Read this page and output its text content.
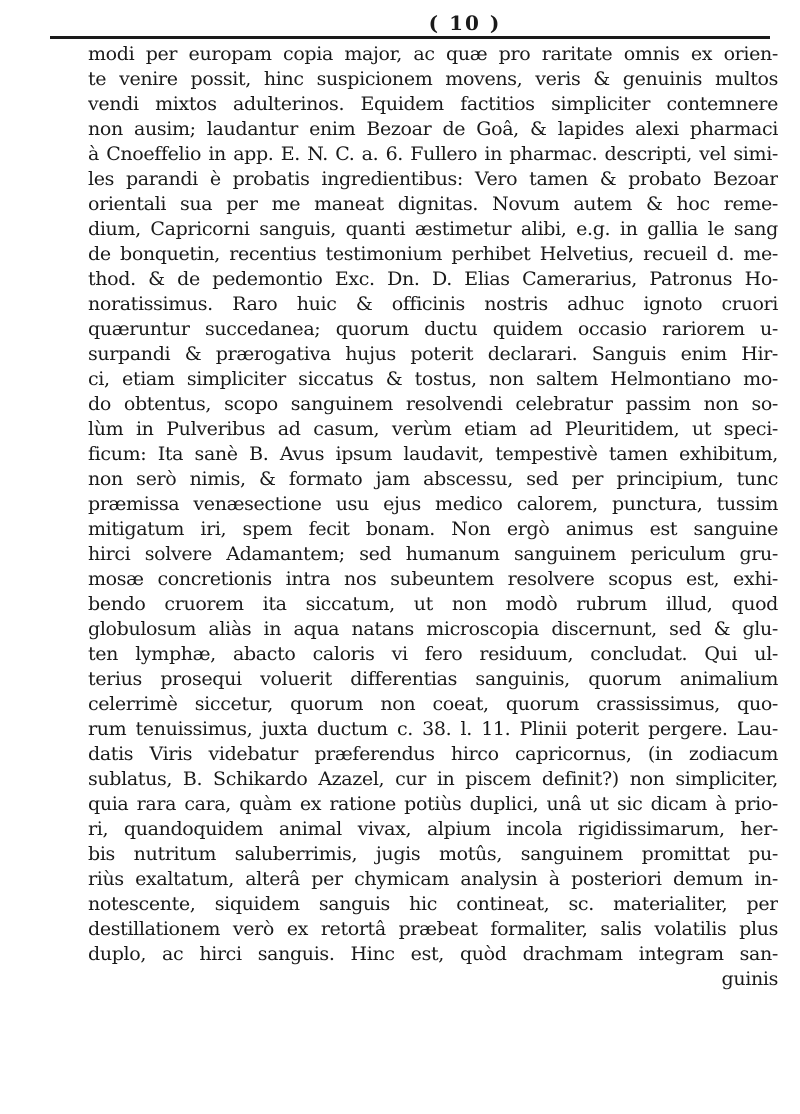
( 10 )
modi per europam copia major, ac quæ pro raritate omnis ex orien-
te venire possit, hinc suspicionem movens, veris & genuinis multos
vendi mixtos adulterinos. Equidem factitios simpliciter contemnere
non ausim; laudantur enim Bezoar de Goâ, & lapides alexi pharmaci
à Cnoeffelio in app. E. N. C. a. 6. Fullero in pharmac. descripti, vel simi-
les parandi è probatis ingredientibus: Vero tamen & probato Bezoar
orientali sua per me maneat dignitas. Novum autem & hoc reme-
dium, Capricorni sanguis, quanti æstimetur alibi, e.g. in gallia le sang
de bonquetin, recentius testimonium perhibet Helvetius, recueil d. me-
thod. & de pedemontio Exc. Dn. D. Elias Camerarius, Patronus Ho-
noratissimus. Raro huic & officinis nostris adhuc ignoto cruori
quæruntur succedanea; quorum ductu quidem occasio rariorem u-
surpandi & prærogativa hujus poterit declarari. Sanguis enim Hir-
ci, etiam simpliciter siccatus & tostus, non saltem Helmontiano mo-
do obtentus, scopo sanguinem resolvendi celebratur passim non so-
lùm in Pulveribus ad casum, verùm etiam ad Pleuritidem, ut speci-
ficum: Ita sanè B. Avus ipsum laudavit, tempestivè tamen exhibitum,
non serò nimis, & formato jam abscessu, sed per principium, tunc
præmissa venæsectione usu ejus medico calorem, punctura, tussim
mitigatum iri, spem fecit bonam. Non ergò animus est sanguine
hirci solvere Adamantem; sed humanum sanguinem periculum gru-
mosæ concretionis intra nos subeuntem resolvere scopus est, exhi-
bendo cruorem ita siccatum, ut non modò rubrum illud, quod
globulosum aliàs in aqua natans microscopia discernunt, sed & glu-
ten lymphæ, abacto caloris vi fero residuum, concludat. Qui ul-
terius prosequi voluerit differentias sanguinis, quorum animalium
celerrimè siccetur, quorum non coeat, quorum crassissimus, quo-
rum tenuissimus, juxta ductum c. 38. l. 11. Plinii poterit pergere. Lau-
datis Viris videbatur præferendus hirco capricornus, (in zodiacum
sublatus, B. Schikardo Azazel, cur in piscem definit?) non simpliciter,
quia rara cara, quàm ex ratione potiùs duplici, unâ ut sic dicam à prio-
ri, quandoquidem animal vivax, alpium incola rigidissimarum, her-
bis nutritum saluberrimis, jugis motûs, sanguinem promittat pu-
riùs exaltatum, alterâ per chymicam analysin à posteriori demum in-
notescente, siquidem sanguis hic contineat, sc. materialiter, per
destillationem verò ex retortâ præbeat formaliter, salis volatilis plus
duplo, ac hirci sanguis. Hinc est, quòd drachmam integram san-
guinis
